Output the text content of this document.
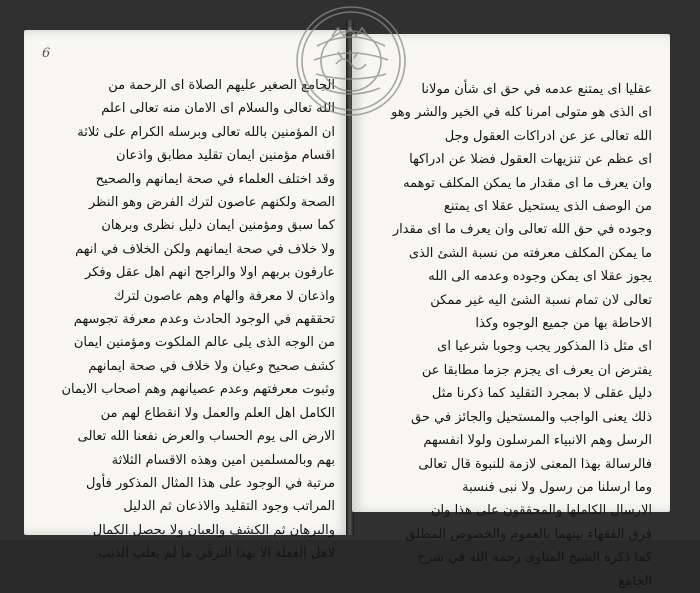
6
الجامع الصغير عليهم الصلاة اى الرحمة من
الله تعالى والسلام اى الامان منه تعالى اعلم
ان المؤمنين بالله تعالى وبرسله الكرام على ثلاثة
اقسام مؤمنين ايمان تقليد مطابق واذعان
وقد اختلف العلماء في صحة ايمانهم والصحيح
الصحة ولكنهم عاصون لترك الفرض وهو النظر
كما سبق ومؤمنين ايمان دليل نظرى وبرهان
ولا خلاف في صحة ايمانهم ولكن الخلاف في انهم
عارفون بربهم اولا والراجح انهم اهل عقل وفكر
واذعان لا معرفة والهام وهم عاصون لترك
تحققهم في الوجود الحادث وعدم معرفة تجوسهم
من الوجه الذى يلى عالم الملكوت ومؤمنين ايمان
كشف صحيح وعيان ولا خلاف في صحة ايمانهم
وثبوت معرفتهم وعدم عصيانهم وهم اصحاب الايمان
الكامل اهل العلم والعمل ولا انقطاع لهم من
الارض الى يوم الحساب والعرض نفعنا الله تعالى
بهم وبالمسلمين امين وهذه الاقسام الثلاثة
مرتبة في الوجود على هذا المثال المذكور فأول
المراتب وجود التقليد والاذعان ثم الدليل
والبرهان ثم الكشف والعيان ولا يحصل الكمال
لاهل الغفلة الا بهذا الترقي ما لم يغلب الذنب
عقليا اى يمتنع عدمه في حق اى شأن مولانا
اى الذى هو متولى امرنا كله في الخير والشر وهو
الله تعالى عز عن ادراكات العقول وجل
اى عظم عن تنزيهات العقول فضلا عن ادراكها
وان يعرف ما اى مقدار ما يمكن المكلف توهمه
من الوصف الذى يستحيل عقلا اى يمتنع
وجوده في حق الله تعالى وان يعرف ما اى مقدار
ما يمكن المكلف معرفته من نسبة الشئ الذى
يجوز عقلا اى يمكن وجوده وعدمه الى الله
تعالى لان تمام نسبة الشئ اليه غير ممكن
الاحاطة بها من جميع الوجوه وكذا
اى مثل ذا المذكور يجب وجوبا شرعيا اى
يفترض ان يعرف اى يجزم جزما مطابقا عن
دليل عقلى لا بمجرد التقليد كما ذكرنا مثل
ذلك يعنى الواجب والمستحيل والجائز في حق
الرسل وهم الانبياء المرسلون ولولا انفسهم
فالرسالة بهذا المعنى لازمة للنبوة قال تعالى
وما ارسلنا من رسول ولا نبى فنسبة
الارسال الكاملها والمحققون على هذا وان
فرق الفقهاء بينهما بالعموم والخصوص المطلق
كما ذكره الشيخ المناوى رحمه الله في شرح
الجامع
